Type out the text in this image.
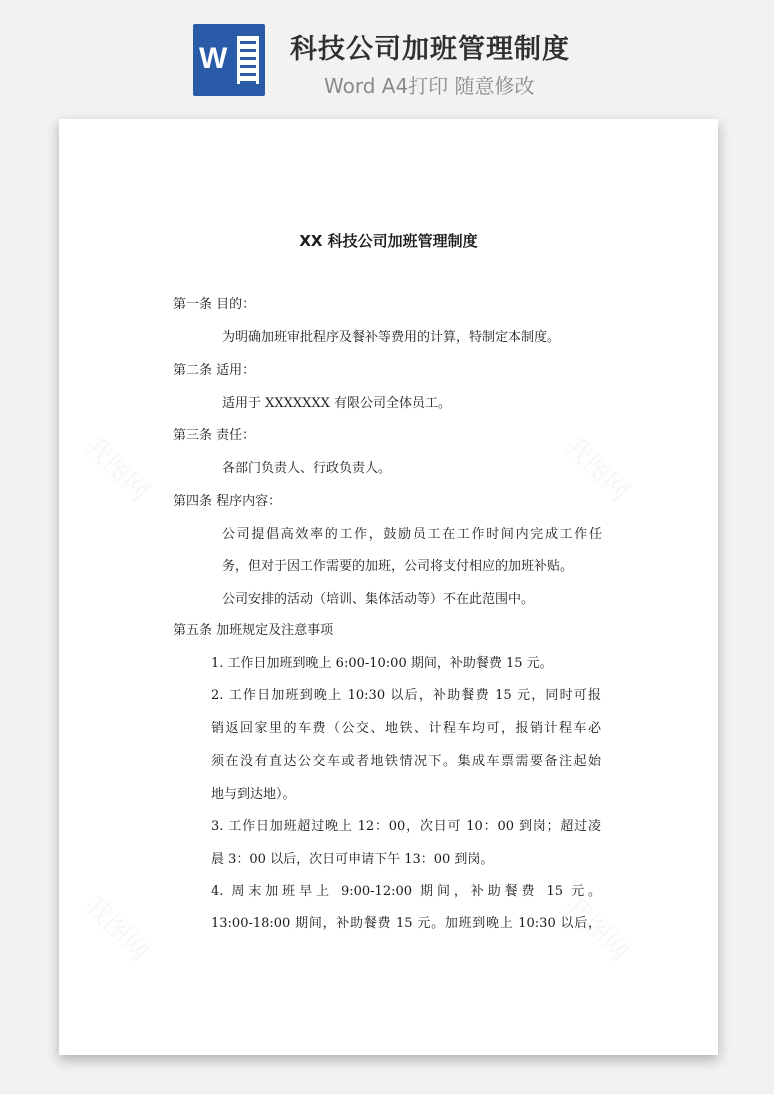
W 科技公司加班管理制度
Word A4打印 随意修改
XX 科技公司加班管理制度
第一条 目的：
为明确加班审批程序及餐补等费用的计算，特制定本制度。
第二条 适用：
适用于 XXXXXXX 有限公司全体员工。
第三条 责任：
各部门负责人、行政负责人。
第四条 程序内容：
公司提倡高效率的工作，鼓励员工在工作时间内完成工作任
务，但对于因工作需要的加班，公司将支付相应的加班补贴。
公司安排的活动（培训、集体活动等）不在此范围中。
第五条 加班规定及注意事项
1. 工作日加班到晚上 6:00-10:00 期间，补助餐费 15 元。
2. 工作日加班到晚上 10:30 以后，补助餐费 15 元，同时可报
销返回家里的车费（公交、地铁、计程车均可，报销计程车必
须在没有直达公交车或者地铁情况下。集成车票需要备注起始
地与到达地）。
3. 工作日加班超过晚上 12：00，次日可 10：00 到岗；超过凌
晨 3：00 以后，次日可申请下午 13：00 到岗。
4. 周末加班早上 9:00-12:00 期间，补助餐费 15 元。
13:00-18:00 期间，补助餐费 15 元。加班到晚上 10:30 以后，
